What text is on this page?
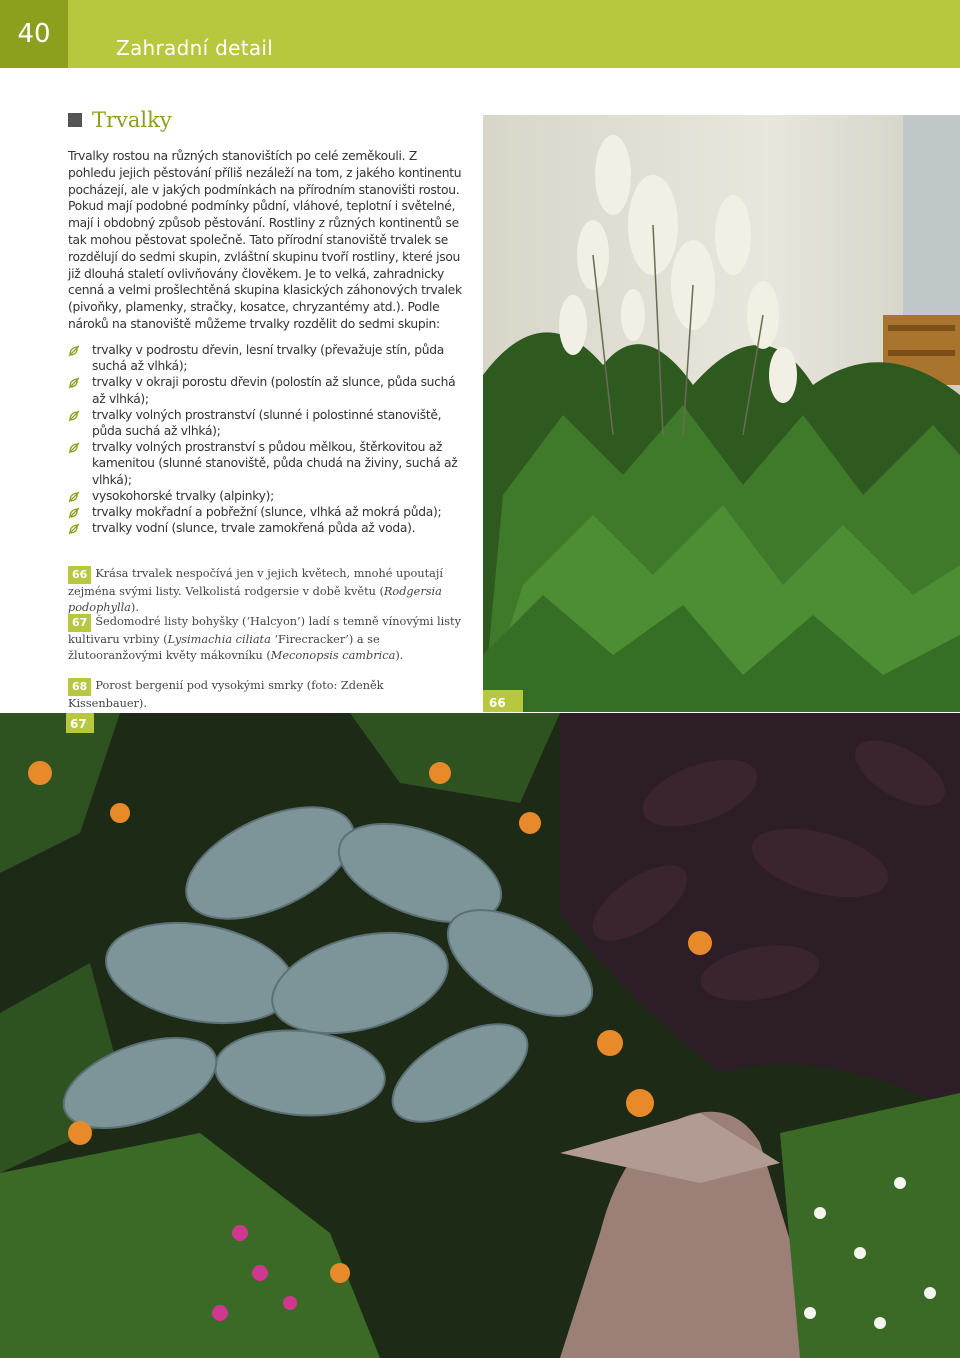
40	Zahradní detail
Trvalky
Trvalky rostou na různých stanovištích po celé zeměkouli. Z pohledu jejich pěstování příliš nezáleží na tom, z jakého kontinentu pocházejí, ale v jakých podmínkách na přírodním stanovišti rostou. Pokud mají podobné podmínky půdní, vláhové, teplotní i světelné, mají i obdobný způsob pěstování. Rostliny z různých kontinentů se tak mohou pěstovat společně. Tato přírodní stanoviště trvalek se rozdělují do sedmi skupin, zvláštní skupinu tvoří rostliny, které jsou již dlouhá staletí ovlivňovány člověkem. Je to velká, zahradnicky cenná a velmi prošlechtěná skupina klasických záhonových trvalek (pivoňky, plamenky, stračky, kosatce, chryzantémy atd.). Podle nároků na stanoviště můžeme trvalky rozdělit do sedmi skupin:
trvalky v podrostu dřevin, lesní trvalky (převažuje stín, půda suchá až vlhká);
trvalky v okraji porostu dřevin (polostín až slunce, půda suchá až vlhká);
trvalky volných prostranství (slunné i polostinné stanoviště, půda suchá až vlhká);
trvalky volných prostranství s půdou mělkou, štěrkovitou až kamenitou (slunné stanoviště, půda chudá na živiny, suchá až vlhká);
vysokohorské trvalky (alpinky);
trvalky mokřadní a pobřežní (slunce, vlhká až mokrá půda);
trvalky vodní (slunce, trvale zamokřená půda až voda).
66 Krása trvalek nespočívá jen v jejich květech, mnohé upoutají zejména svými listy. Velkolistá rodgersie v době květu (Rodgersia podophylla).
67 Šedomodré listy bohyšky (‘Halcyon’) ladí s temně vínovými listy kultivaru vrbiny (Lysimachia ciliata ‘Firecracker’) a se žlutooranžovými květy mákovníku (Meconopsis cambrica).
68 Porost bergenií pod vysokými smrky (foto: Zdeněk Kissenbauer).	66
67
